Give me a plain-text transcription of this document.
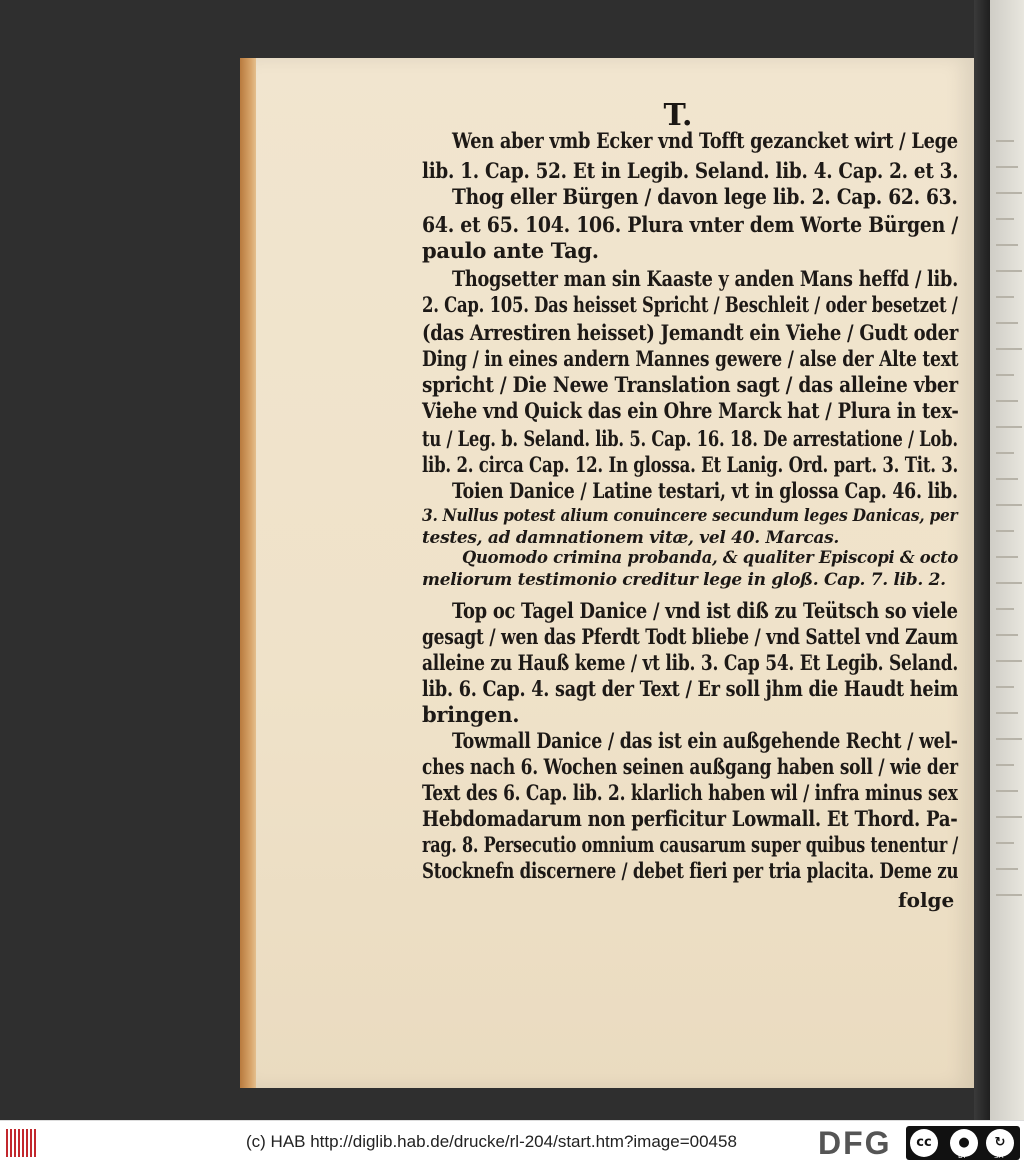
T.
Wen aber vmb Ecker vnd Tofft gezancket wirt / Lege
lib. 1. Cap. 52. Et in Legib. Seland. lib. 4. Cap. 2. et 3.
Thog eller Bürgen / davon lege lib. 2. Cap. 62. 63.
64. et 65. 104. 106. Plura vnter dem Worte Bürgen /
paulo ante Tag.
Thogsetter man sin Kaaste y anden Mans heffd / lib.
2. Cap. 105. Das heisset Spricht / Beschleit / oder besetzet /
(das Arrestiren heisset) Jemandt ein Viehe / Gudt oder
Ding / in eines andern Mannes gewere / alse der Alte text
spricht / Die Newe Translation sagt / das alleine vber
Viehe vnd Quick das ein Ohre Marck hat / Plura in tex-
tu / Leg. b. Seland. lib. 5. Cap. 16. 18. De arrestatione / Lob.
lib. 2. circa Cap. 12. In glossa. Et Lanig. Ord. part. 3. Tit. 3.
Toien Danice / Latine testari, vt in glossa Cap. 46. lib.
3. Nullus potest alium conuincere secundum leges Danicas, per
testes, ad damnationem vitæ, vel 40. Marcas.
Quomodo crimina probanda, & qualiter Episcopi & octo
meliorum testimonio creditur lege in gloß. Cap. 7. lib. 2.
Top oc Tagel Danice / vnd ist diß zu Teütsch so viele
gesagt / wen das Pferdt Todt bliebe / vnd Sattel vnd Zaum
alleine zu Hauß keme / vt lib. 3. Cap 54. Et Legib. Seland.
lib. 6. Cap. 4. sagt der Text / Er soll jhm die Haudt heim
bringen.
Towmall Danice / das ist ein außgehende Recht / wel-
ches nach 6. Wochen seinen außgang haben soll / wie der
Text des 6. Cap. lib. 2. klarlich haben wil / infra minus sex
Hebdomadarum non perficitur Lowmall. Et Thord. Pa-
rag. 8. Persecutio omnium causarum super quibus tenentur /
Stocknefn discernere / debet fieri per tria placita. Deme zu
folge
(c) HAB http://diglib.hab.de/drucke/rl-204/start.htm?image=00458	DFG	cc	●	↻
BY	SA
